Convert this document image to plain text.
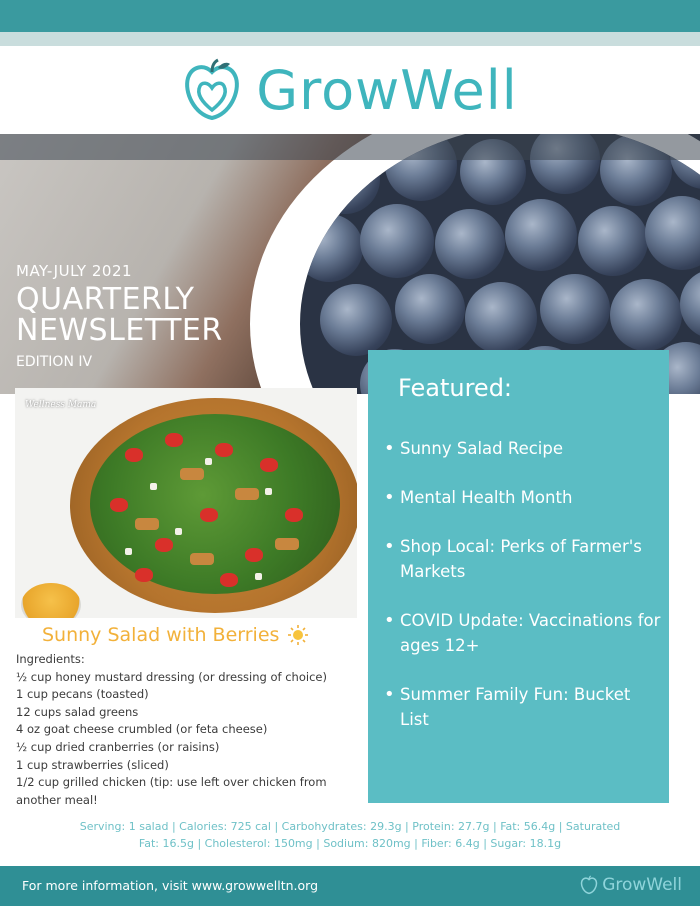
GrowWell
MAY-JULY 2021
QUARTERLY
NEWSLETTER
EDITION IV
Wellness Mama
Featured:
• Sunny Salad Recipe
• Mental Health Month
• Shop Local: Perks of Farmer's Markets
• COVID Update: Vaccinations for ages 12+
• Summer Family Fun: Bucket List
Sunny Salad with Berries
Ingredients:
½ cup honey mustard dressing (or dressing of choice)
1 cup pecans (toasted)
12 cups salad greens
4 oz goat cheese crumbled (or feta cheese)
½ cup dried cranberries (or raisins)
1 cup strawberries (sliced)
1/2 cup grilled chicken (tip: use left over chicken from another meal!
Serving: 1 salad | Calories: 725 cal | Carbohydrates: 29.3g | Protein: 27.7g | Fat: 56.4g | Saturated
Fat: 16.5g | Cholesterol: 150mg | Sodium: 820mg | Fiber: 6.4g | Sugar: 18.1g
For more information, visit www.growwelltn.org	GrowWell
